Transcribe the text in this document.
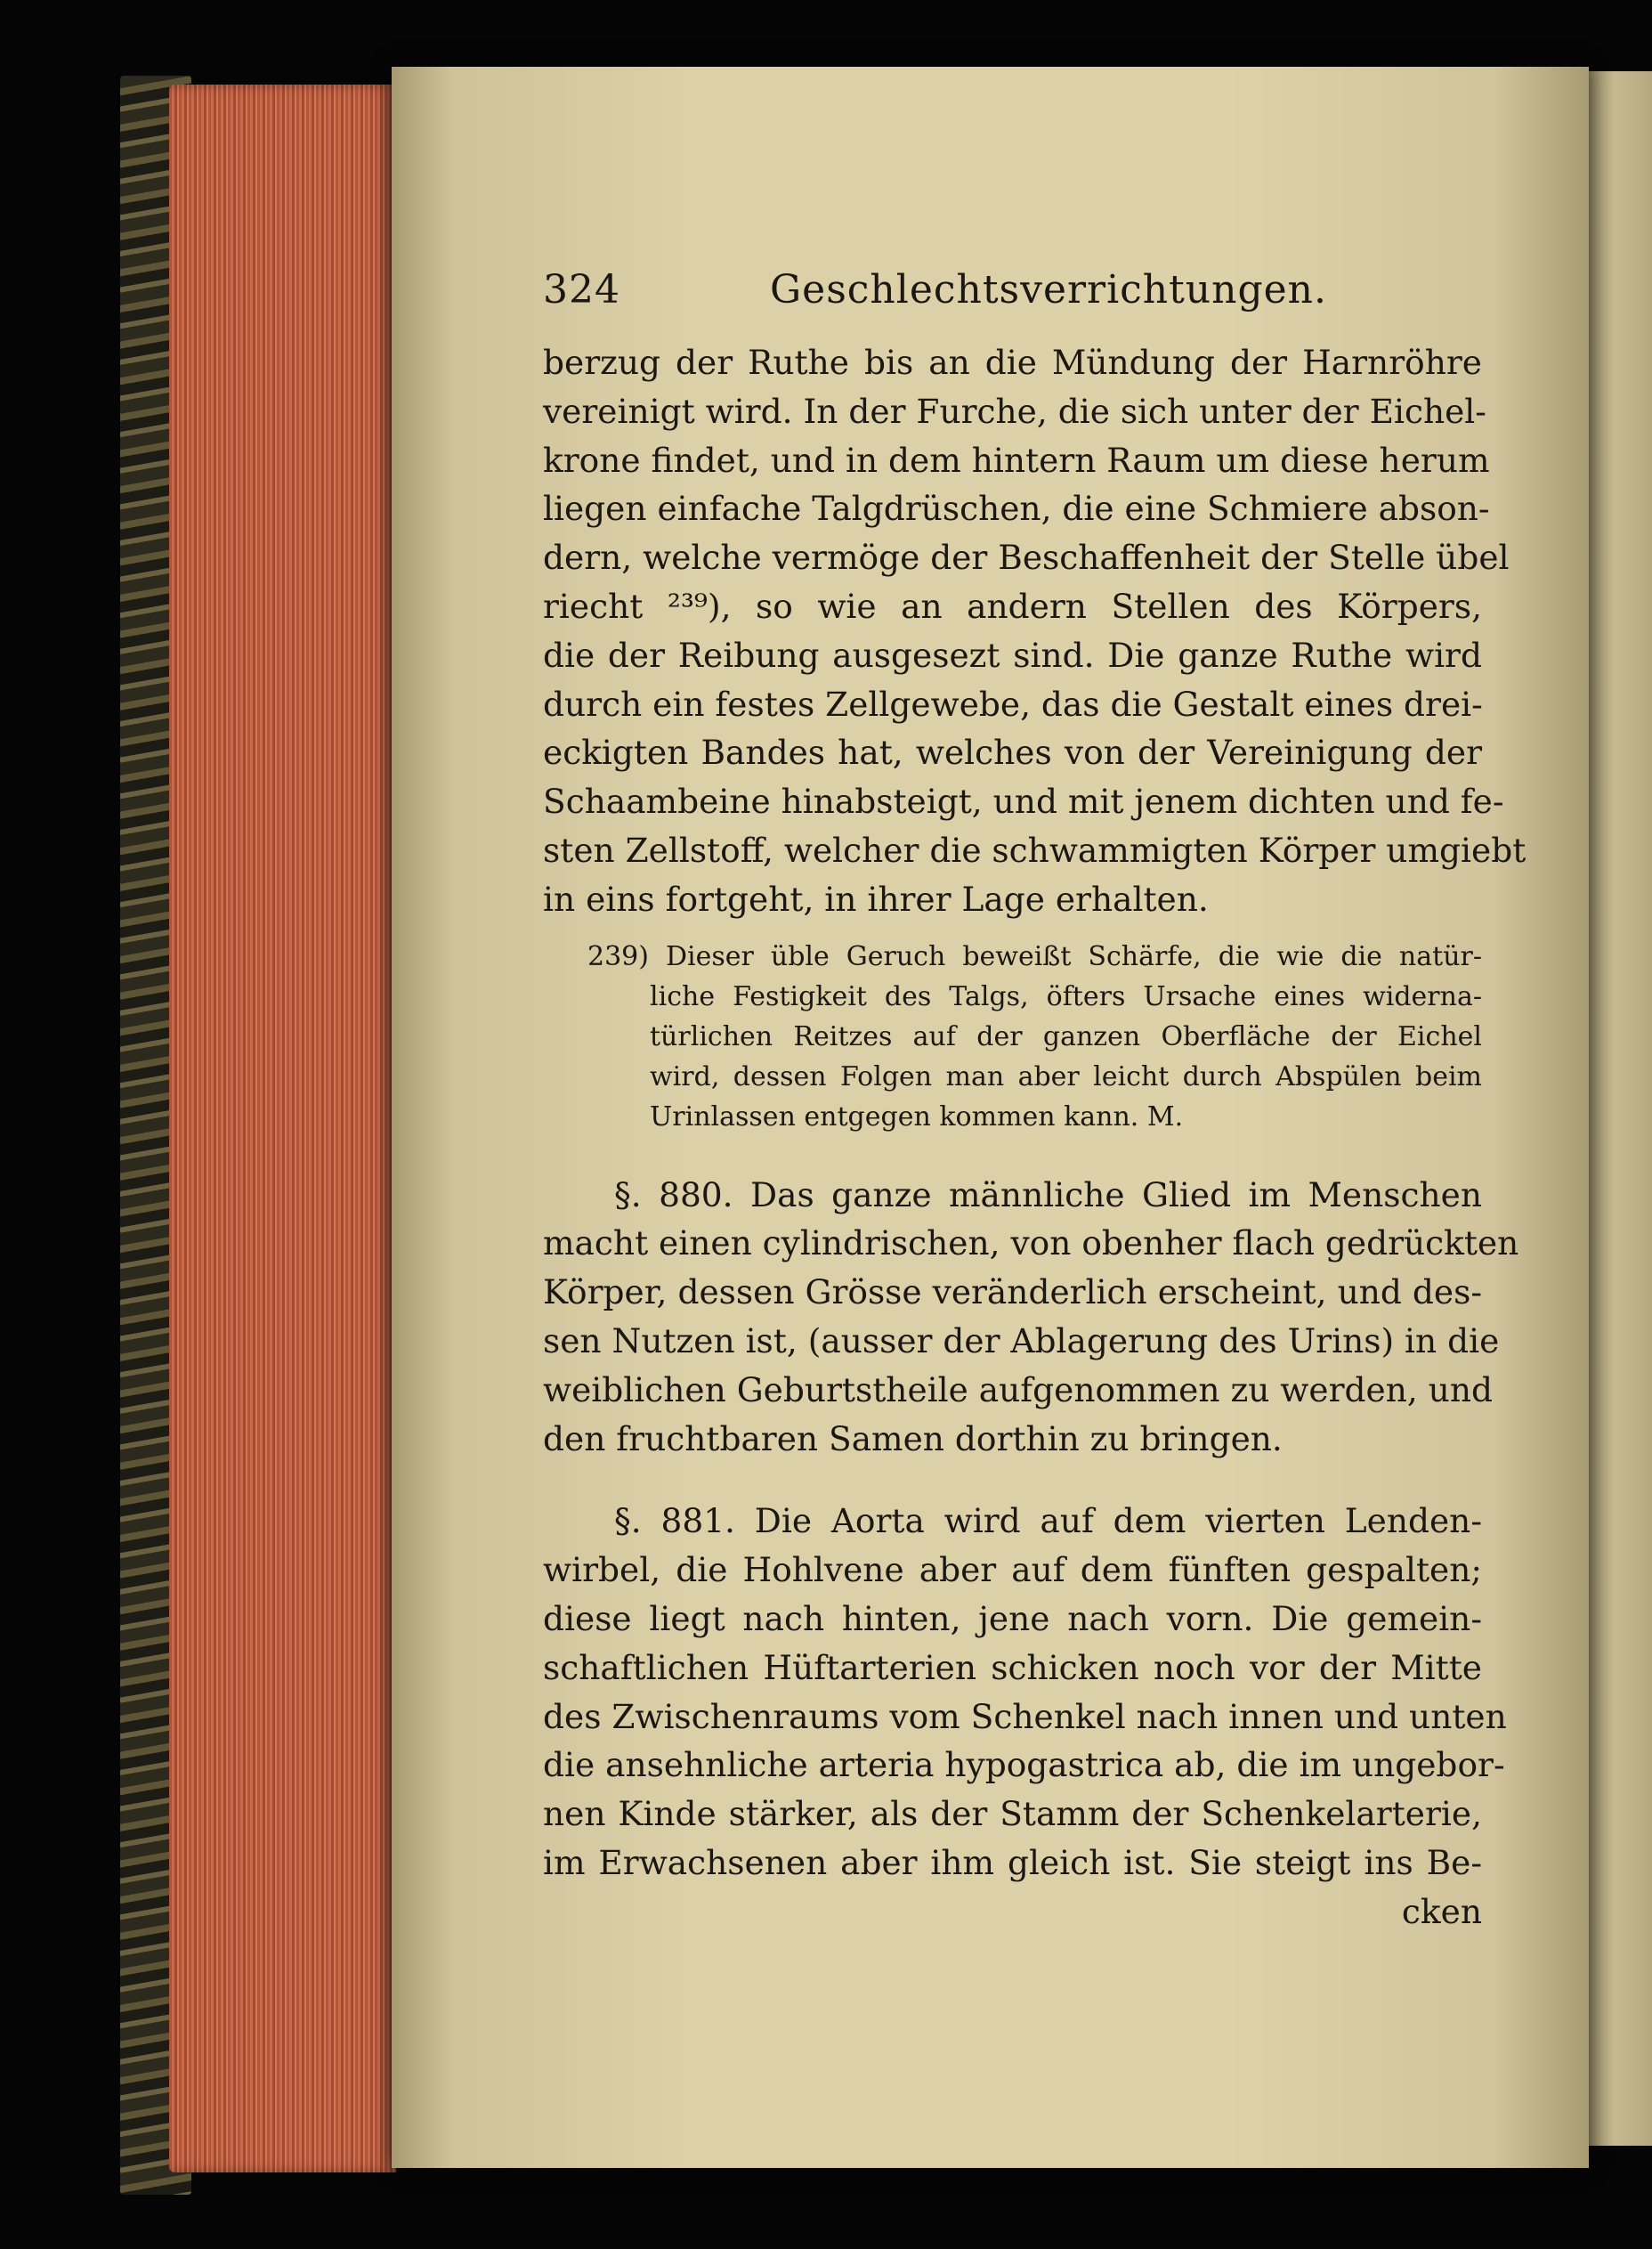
324	Geschlechtsverrichtungen.
berzug der Ruthe bis an die Mündung der Harnröhre
vereinigt wird. In der Furche, die sich unter der Eichel-
krone findet, und in dem hintern Raum um diese herum
liegen einfache Talgdrüschen, die eine Schmiere abson-
dern, welche vermöge der Beschaffenheit der Stelle übel
riecht ²³⁹), so wie an andern Stellen des Körpers,
die der Reibung ausgesezt sind. Die ganze Ruthe wird
durch ein festes Zellgewebe, das die Gestalt eines drei-
eckigten Bandes hat, welches von der Vereinigung der
Schaambeine hinabsteigt, und mit jenem dichten und fe-
sten Zellstoff, welcher die schwammigten Körper umgiebt
in eins fortgeht, in ihrer Lage erhalten.
239) Dieser üble Geruch beweißt Schärfe, die wie die natür-
liche Festigkeit des Talgs, öfters Ursache eines widerna-
türlichen Reitzes auf der ganzen Oberfläche der Eichel
wird, dessen Folgen man aber leicht durch Abspülen beim
Urinlassen entgegen kommen kann. M.
§. 880. Das ganze männliche Glied im Menschen
macht einen cylindrischen, von obenher flach gedrückten
Körper, dessen Grösse veränderlich erscheint, und des-
sen Nutzen ist, (ausser der Ablagerung des Urins) in die
weiblichen Geburtstheile aufgenommen zu werden, und
den fruchtbaren Samen dorthin zu bringen.
§. 881. Die Aorta wird auf dem vierten Lenden-
wirbel, die Hohlvene aber auf dem fünften gespalten;
diese liegt nach hinten, jene nach vorn. Die gemein-
schaftlichen Hüftarterien schicken noch vor der Mitte
des Zwischenraums vom Schenkel nach innen und unten
die ansehnliche arteria hypogastrica ab, die im ungebor-
nen Kinde stärker, als der Stamm der Schenkelarterie,
im Erwachsenen aber ihm gleich ist. Sie steigt ins Be-
cken
